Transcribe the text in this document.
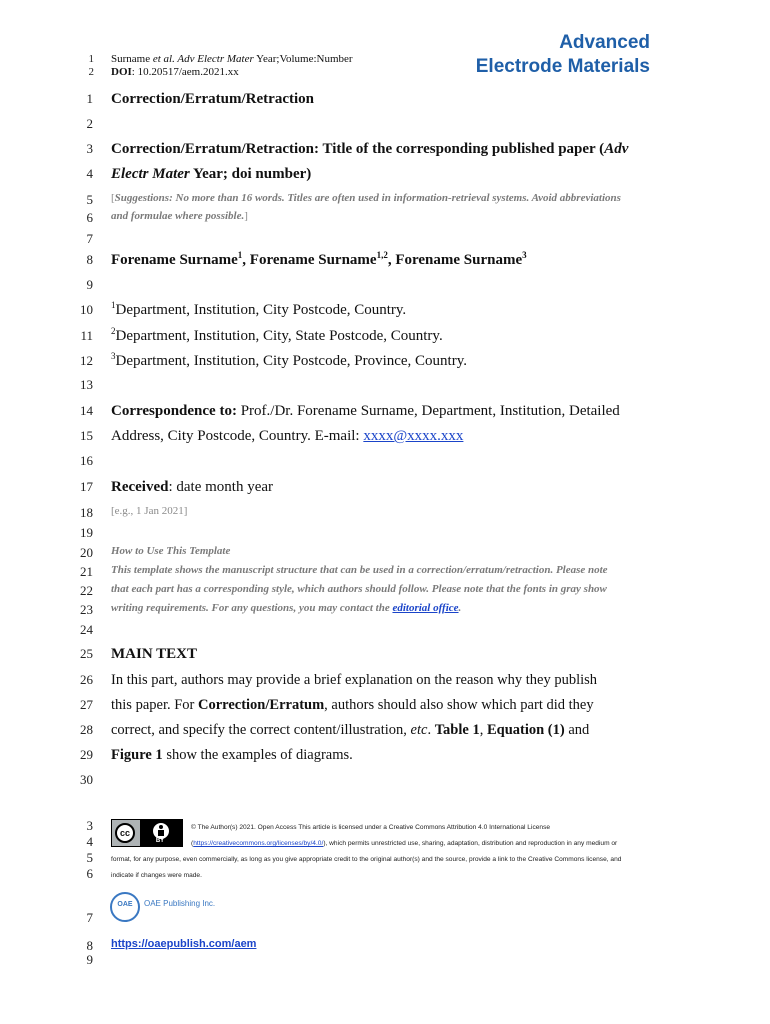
1
2
Surname et al. Adv Electr Mater Year;Volume:Number
DOI: 10.20517/aem.2021.xx
Advanced
Electrode Materials
1
2
3
4
5
6
7
8
9
10
11
12
13
14
15
16
17
18
19
20
21
22
23
24
25
26
27
28
29
30
Correction/Erratum/Retraction
Correction/Erratum/Retraction: Title of the corresponding published paper (Adv
Electr Mater Year; doi number)
[Suggestions: No more than 16 words. Titles are often used in information-retrieval systems. Avoid abbreviations
and formulae where possible.]
Forename Surname$^1$, Forename Surname$^{1,2}$, Forename Surname$^3$
$^1$Department, Institution, City Postcode, Country.
$^2$Department, Institution, City, State Postcode, Country.
$^3$Department, Institution, City Postcode, Province, Country.
Correspondence to: Prof./Dr. Forename Surname, Department, Institution, Detailed
Address, City Postcode, Country. E-mail: xxxx@xxxx.xxx
Received: date month year
[e.g., 1 Jan 2021]
How to Use This Template
This template shows the manuscript structure that can be used in a correction/erratum/retraction. Please note
that each part has a corresponding style, which authors should follow. Please note that the fonts in gray show
writing requirements. For any questions, you may contact the editorial office.
MAIN TEXT
In this part, authors may provide a brief explanation on the reason why they publish
this paper. For Correction/Erratum, authors should also show which part did they
correct, and specify the correct content/illustration, etc. Table 1, Equation (1) and
Figure 1 show the examples of diagrams.
3
4
5
6
7
8
9
cc
BY
© The Author(s) 2021. Open Access This article is licensed under a Creative Commons Attribution 4.0 International License
(https://creativecommons.org/licenses/by/4.0/), which permits unrestricted use, sharing, adaptation, distribution and reproduction in any medium or
format, for any purpose, even commercially, as long as you give appropriate credit to the original author(s) and the source, provide a link to the Creative Commons license, and
indicate if changes were made.
OAE	OAE Publishing Inc.
https://oaepublish.com/aem
